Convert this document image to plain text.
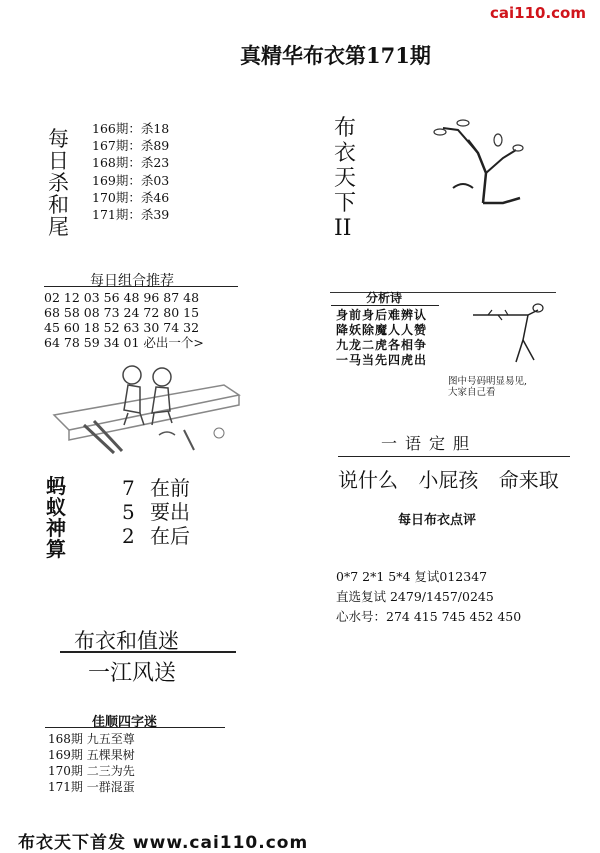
cai110.com
真精华布衣第171期
每
日
杀
和
尾
166期：杀18
167期：杀89
168期：杀23
169期：杀03
170期：杀46
171期：杀39
每日组合推荐
02 12 03 56 48 96 87 48
68 58 08 73 24 72 80 15
45 60 18 52 63 30 74 32
64 78 59 34 01 必出一个>
蚂
蚁
神
算
7 在前
5 要出
2 在后
布衣和值迷
一江风送
佳顺四字迷
168期 九五至尊
169期 五棵果树
170期 二三为先
171期 一群混蛋
布衣天下首发 www.cai110.com
布
衣
天
下
II
分析诗
身前身后难辨认
降妖除魔人人赞
九龙二虎各相争
一马当先四虎出
图中号码明显易见,
大家自己看
一语定胆
说什么 小屁孩 命来取
每日布衣点评
0*7 2*1 5*4 复试012347
直选复试 2479/1457/0245
心水号：274 415 745 452 450
